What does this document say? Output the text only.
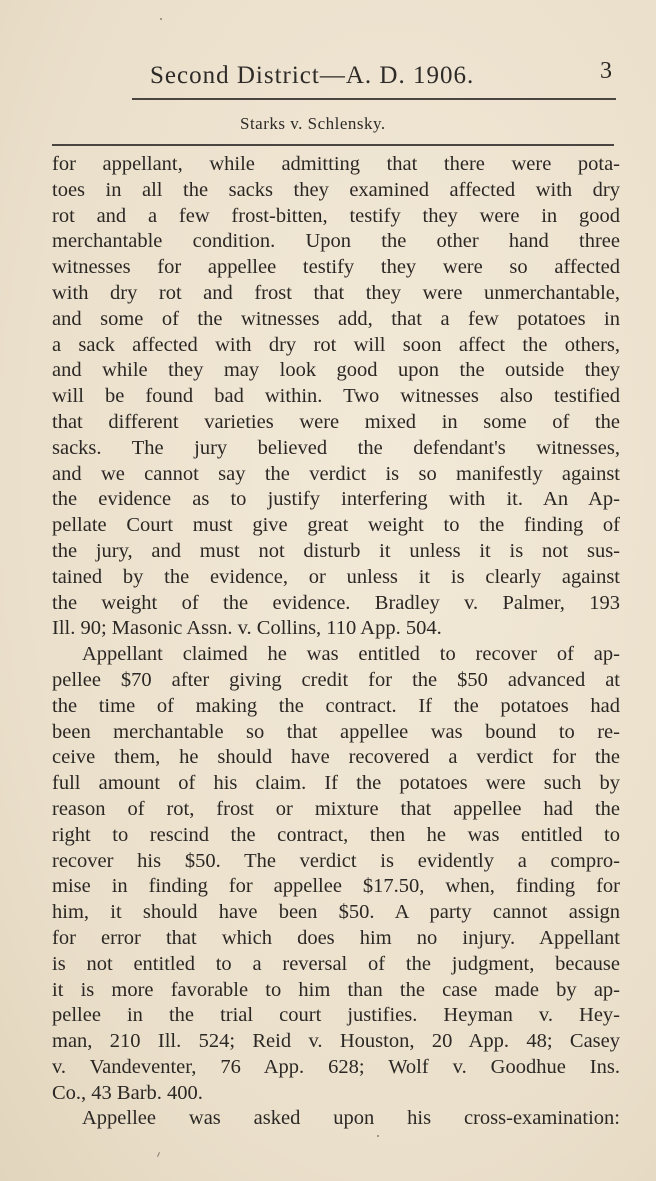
Second District—A. D. 1906.	3
Starks v. Schlensky.
for appellant, while admitting that there were pota-
toes in all the sacks they examined affected with dry
rot and a few frost-bitten, testify they were in good
merchantable condition. Upon the other hand three
witnesses for appellee testify they were so affected
with dry rot and frost that they were unmerchantable,
and some of the witnesses add, that a few potatoes in
a sack affected with dry rot will soon affect the others,
and while they may look good upon the outside they
will be found bad within. Two witnesses also testified
that different varieties were mixed in some of the
sacks. The jury believed the defendant's witnesses,
and we cannot say the verdict is so manifestly against
the evidence as to justify interfering with it. An Ap-
pellate Court must give great weight to the finding of
the jury, and must not disturb it unless it is not sus-
tained by the evidence, or unless it is clearly against
the weight of the evidence. Bradley v. Palmer, 193
Ill. 90; Masonic Assn. v. Collins, 110 App. 504.
Appellant claimed he was entitled to recover of ap-
pellee $70 after giving credit for the $50 advanced at
the time of making the contract. If the potatoes had
been merchantable so that appellee was bound to re-
ceive them, he should have recovered a verdict for the
full amount of his claim. If the potatoes were such by
reason of rot, frost or mixture that appellee had the
right to rescind the contract, then he was entitled to
recover his $50. The verdict is evidently a compro-
mise in finding for appellee $17.50, when, finding for
him, it should have been $50. A party cannot assign
for error that which does him no injury. Appellant
is not entitled to a reversal of the judgment, because
it is more favorable to him than the case made by ap-
pellee in the trial court justifies. Heyman v. Hey-
man, 210 Ill. 524; Reid v. Houston, 20 App. 48; Casey
v. Vandeventer, 76 App. 628; Wolf v. Goodhue Ins.
Co., 43 Barb. 400.
Appellee was asked upon his cross-examination:
